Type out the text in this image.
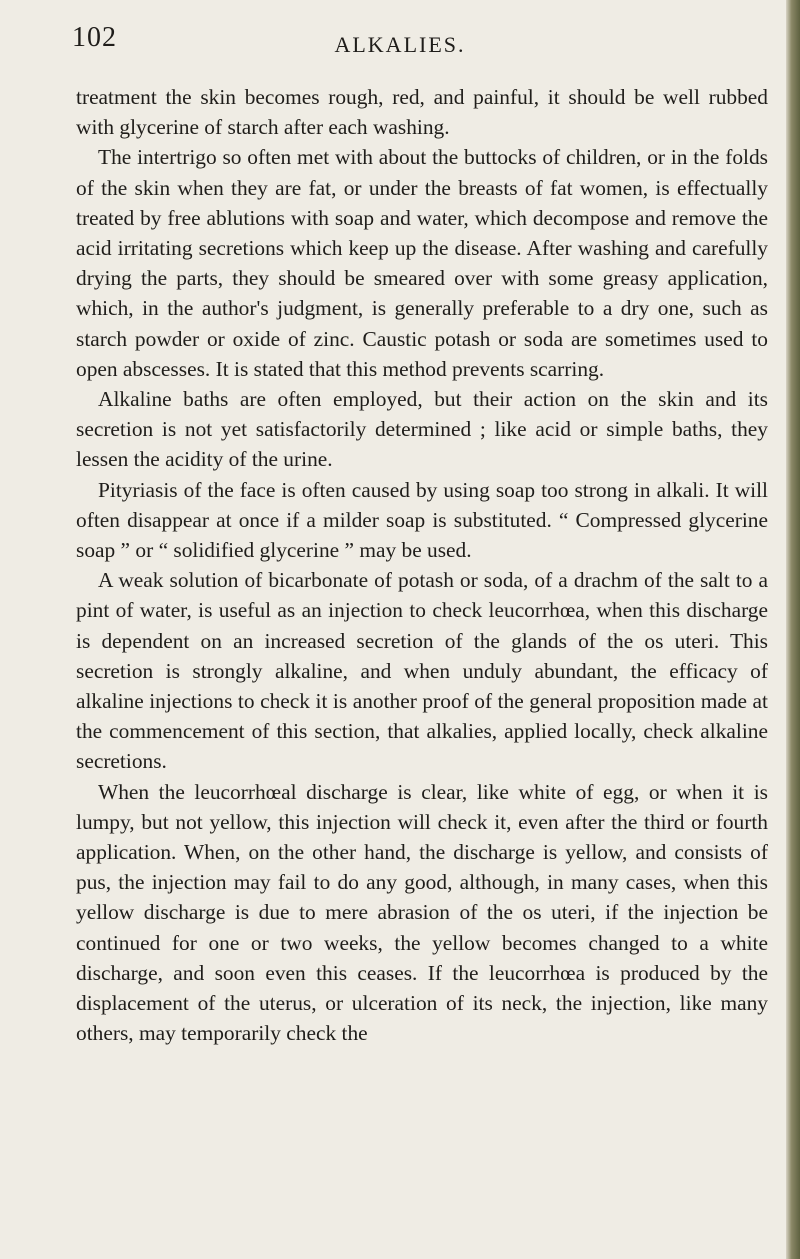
102	ALKALIES.

treatment the skin becomes rough, red, and painful, it should be well rubbed with glycerine of starch after each washing.

The intertrigo so often met with about the buttocks of children, or in the folds of the skin when they are fat, or under the breasts of fat women, is effectually treated by free ablutions with soap and water, which decompose and remove the acid irritating secretions which keep up the disease. After washing and carefully drying the parts, they should be smeared over with some greasy application, which, in the author's judgment, is generally preferable to a dry one, such as starch powder or oxide of zinc. Caustic potash or soda are sometimes used to open abscesses. It is stated that this method prevents scarring.

Alkaline baths are often employed, but their action on the skin and its secretion is not yet satisfactorily determined ; like acid or simple baths, they lessen the acidity of the urine.

Pityriasis of the face is often caused by using soap too strong in alkali. It will often disappear at once if a milder soap is substituted. “ Compressed glycerine soap ” or “ solidified glycerine ” may be used.

A weak solution of bicarbonate of potash or soda, of a drachm of the salt to a pint of water, is useful as an injection to check leucorrhœa, when this discharge is dependent on an increased secretion of the glands of the os uteri. This secretion is strongly alkaline, and when unduly abundant, the efficacy of alkaline injections to check it is another proof of the general proposition made at the commencement of this section, that alkalies, applied locally, check alkaline secretions.

When the leucorrhœal discharge is clear, like white of egg, or when it is lumpy, but not yellow, this injection will check it, even after the third or fourth application. When, on the other hand, the discharge is yellow, and consists of pus, the injection may fail to do any good, although, in many cases, when this yellow discharge is due to mere abrasion of the os uteri, if the injection be continued for one or two weeks, the yellow becomes changed to a white discharge, and soon even this ceases. If the leucorrhœa is produced by the displacement of the uterus, or ulceration of its neck, the injection, like many others, may temporarily check the
